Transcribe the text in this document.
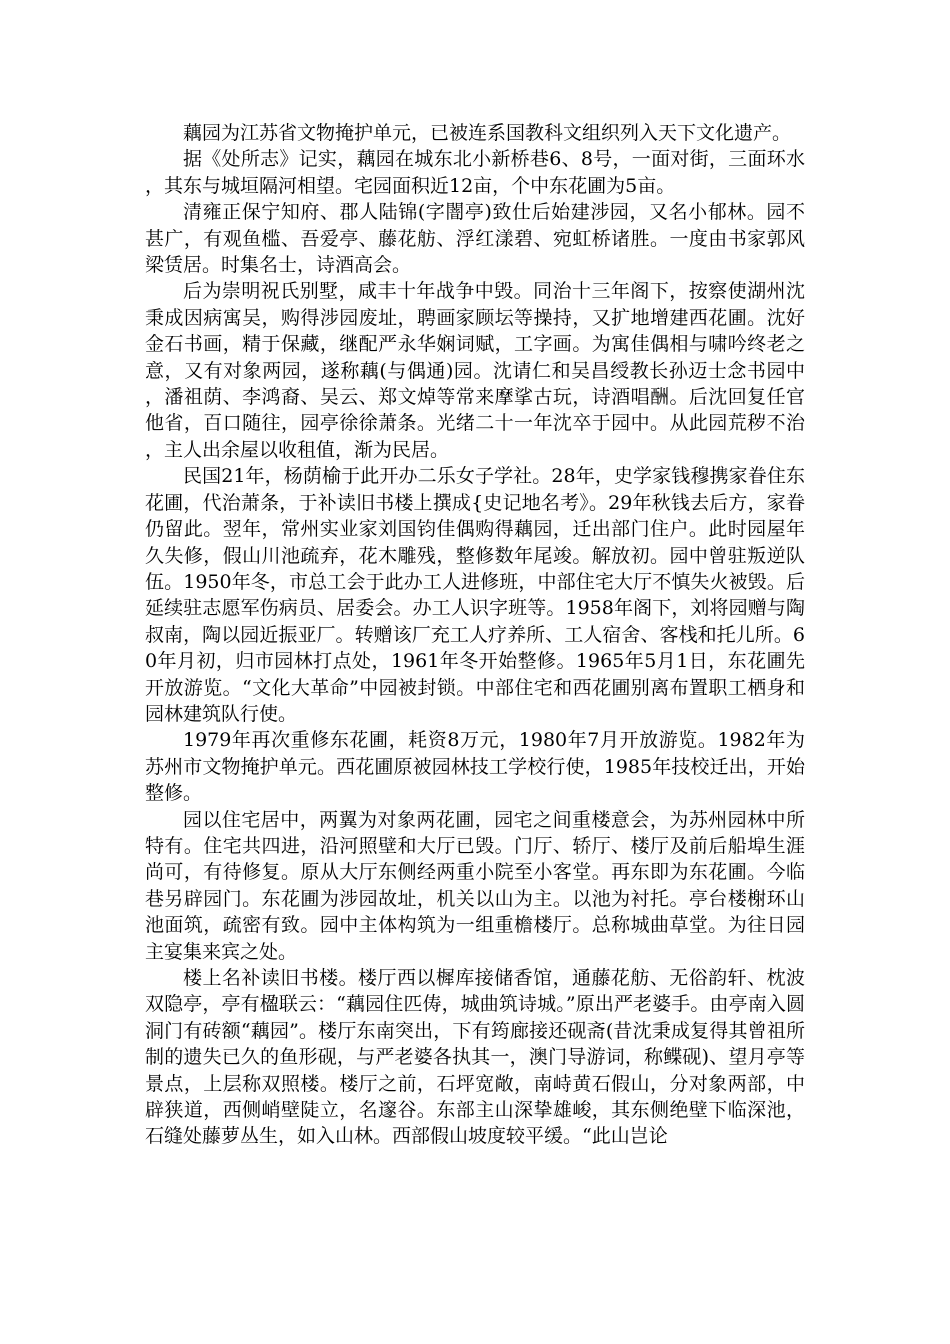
藕园为江苏省文物掩护单元，已被连系国教科文组织列入天下文化遗产。

据《处所志》记实，藕园在城东北小新桥巷6、8号，一面对街，三面环水，其东与城垣隔河相望。宅园面积近12亩，个中东花圃为5亩。

清雍正保宁知府、郡人陆锦(字闇亭)致仕后始建涉园，又名小郁林。园不甚广，有观鱼槛、吾爱亭、藤花舫、浮红漾碧、宛虹桥诸胜。一度由书家郭风梁赁居。时集名士，诗酒高会。

后为崇明祝氏别墅，咸丰十年战争中毁。同治十三年阁下，按察使湖州沈秉成因病寓吴，购得涉园废址，聘画家顾坛等操持，又扩地增建西花圃。沈好金石书画，精于保藏，继配严永华娴词赋，工字画。为寓佳偶相与啸吟终老之意，又有对象两园，遂称藕(与偶通)园。沈请仁和吴昌绶教长孙迈士念书园中，潘祖荫、李鸿裔、吴云、郑文焯等常来摩挲古玩，诗酒唱酬。后沈回复任官他省，百口随往，园亭徐徐萧条。光绪二十一年沈卒于园中。从此园荒秽不治，主人出余屋以收租值，渐为民居。

民国21年，杨荫榆于此开办二乐女子学社。28年，史学家钱穆携家眷住东花圃，代治萧条，于补读旧书楼上撰成{史记地名考》。29年秋钱去后方，家眷仍留此。翌年，常州实业家刘国钧佳偶购得藕园，迁出部门住户。此时园屋年久失修，假山川池疏弃，花木雕残，整修数年尾竣。解放初。园中曾驻叛逆队伍。1950年冬，市总工会于此办工人进修班，中部住宅大厅不慎失火被毁。后延续驻志愿军伤病员、居委会。办工人识字班等。1958年阁下，刘将园赠与陶叔南，陶以园近振亚厂。转赠该厂充工人疗养所、工人宿舍、客栈和托儿所。60年月初，归市园林打点处，1961年冬开始整修。1965年5月1日，东花圃先开放游览。“文化大革命”中园被封锁。中部住宅和西花圃别离布置职工栖身和园林建筑队行使。

1979年再次重修东花圃，耗资8万元，1980年7月开放游览。1982年为苏州市文物掩护单元。西花圃原被园林技工学校行使，1985年技校迁出，开始整修。

园以住宅居中，两翼为对象两花圃，园宅之间重楼意会，为苏州园林中所特有。住宅共四进，沿河照壁和大厅已毁。门厅、轿厅、楼厅及前后船埠生涯尚可，有待修复。原从大厅东侧经两重小院至小客堂。再东即为东花圃。今临巷另辟园门。东花圃为涉园故址，机关以山为主。以池为衬托。亭台楼榭环山池面筑，疏密有致。园中主体构筑为一组重檐楼厅。总称城曲草堂。为往日园主宴集来宾之处。

楼上名补读旧书楼。楼厅西以樨库接储香馆，通藤花舫、无俗韵轩、枕波双隐亭，亭有楹联云：“藕园住匹俦，城曲筑诗城。”原出严老婆手。由亭南入圆洞门有砖额“藕园”。楼厅东南突出，下有筠廊接还砚斋(昔沈秉成复得其曾祖所制的遗失已久的鱼形砚，与严老婆各执其一，澳门导游词，称鲽砚)、望月亭等景点，上层称双照楼。楼厅之前，石坪宽敞，南峙黄石假山，分对象两部，中辟狭道，西侧峭壁陡立，名邃谷。东部主山深挚雄峻，其东侧绝壁下临深池，石缝处藤萝丛生，如入山林。西部假山坡度较平缓。“此山岂论
